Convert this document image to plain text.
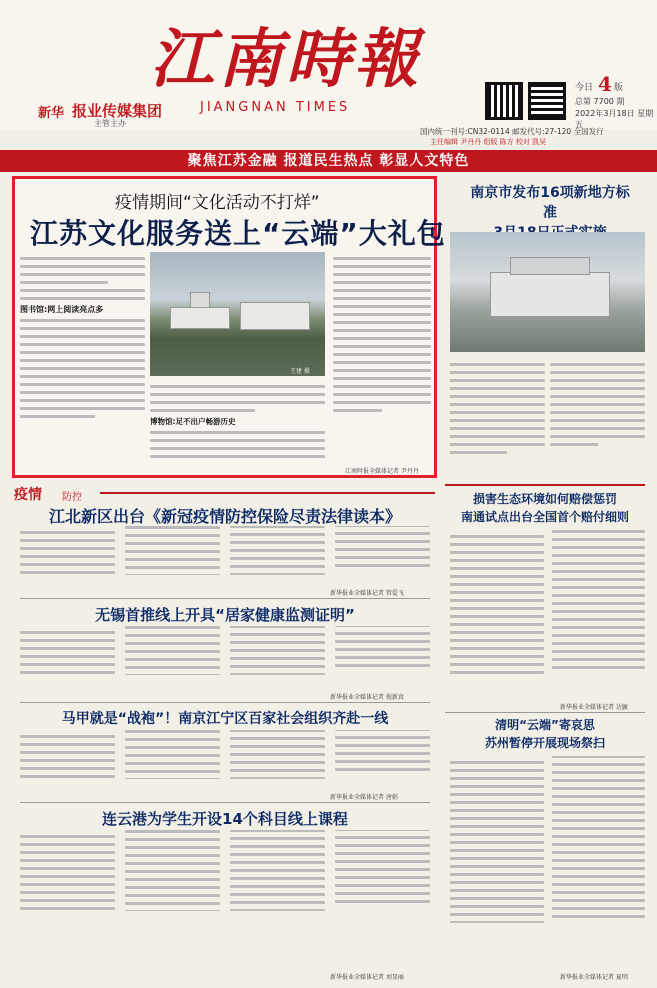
新华 报业传媒集团
主管主办
江南時報
JIANGNAN TIMES
今日 4 版
总第 7700 期
2022年3月18日 星期五
国内统一刊号:CN32-0114 邮发代号:27-120 全国发行
主任编辑 尹丹丹 组版 陈方 校对 凯吴
聚焦江苏金融 报道民生热点 彰显人文特色
疫情期间“文化活动不打烊”
江苏文化服务送上“云端”大礼包
图书馆:网上阅读亮点多
王建 摄
博物馆:足不出户畅游历史
江南时报全媒体记者 尹丹丹
南京市发布16项新地方标准
疫情 防控
江北新区出台《新冠疫情防控保险尽责法律读本》
新华报业全媒体记者 管爱飞
无锡首推线上开具“居家健康监测证明”
新华报业全媒体记者 倪新真
马甲就是“战袍”！南京江宁区百家社会组织齐赴一线
新华报业全媒体记者 唐娟
连云港为学生开设14个科目线上课程
新华报业全媒体记者 刘显丽
损害生态环境如何赔偿惩罚
南通试点出台全国首个赔付细则
新华报业全媒体记者 达毓
清明“云端”寄哀思
苏州暂停开展现场祭扫
新华报业全媒体记者 夏明
